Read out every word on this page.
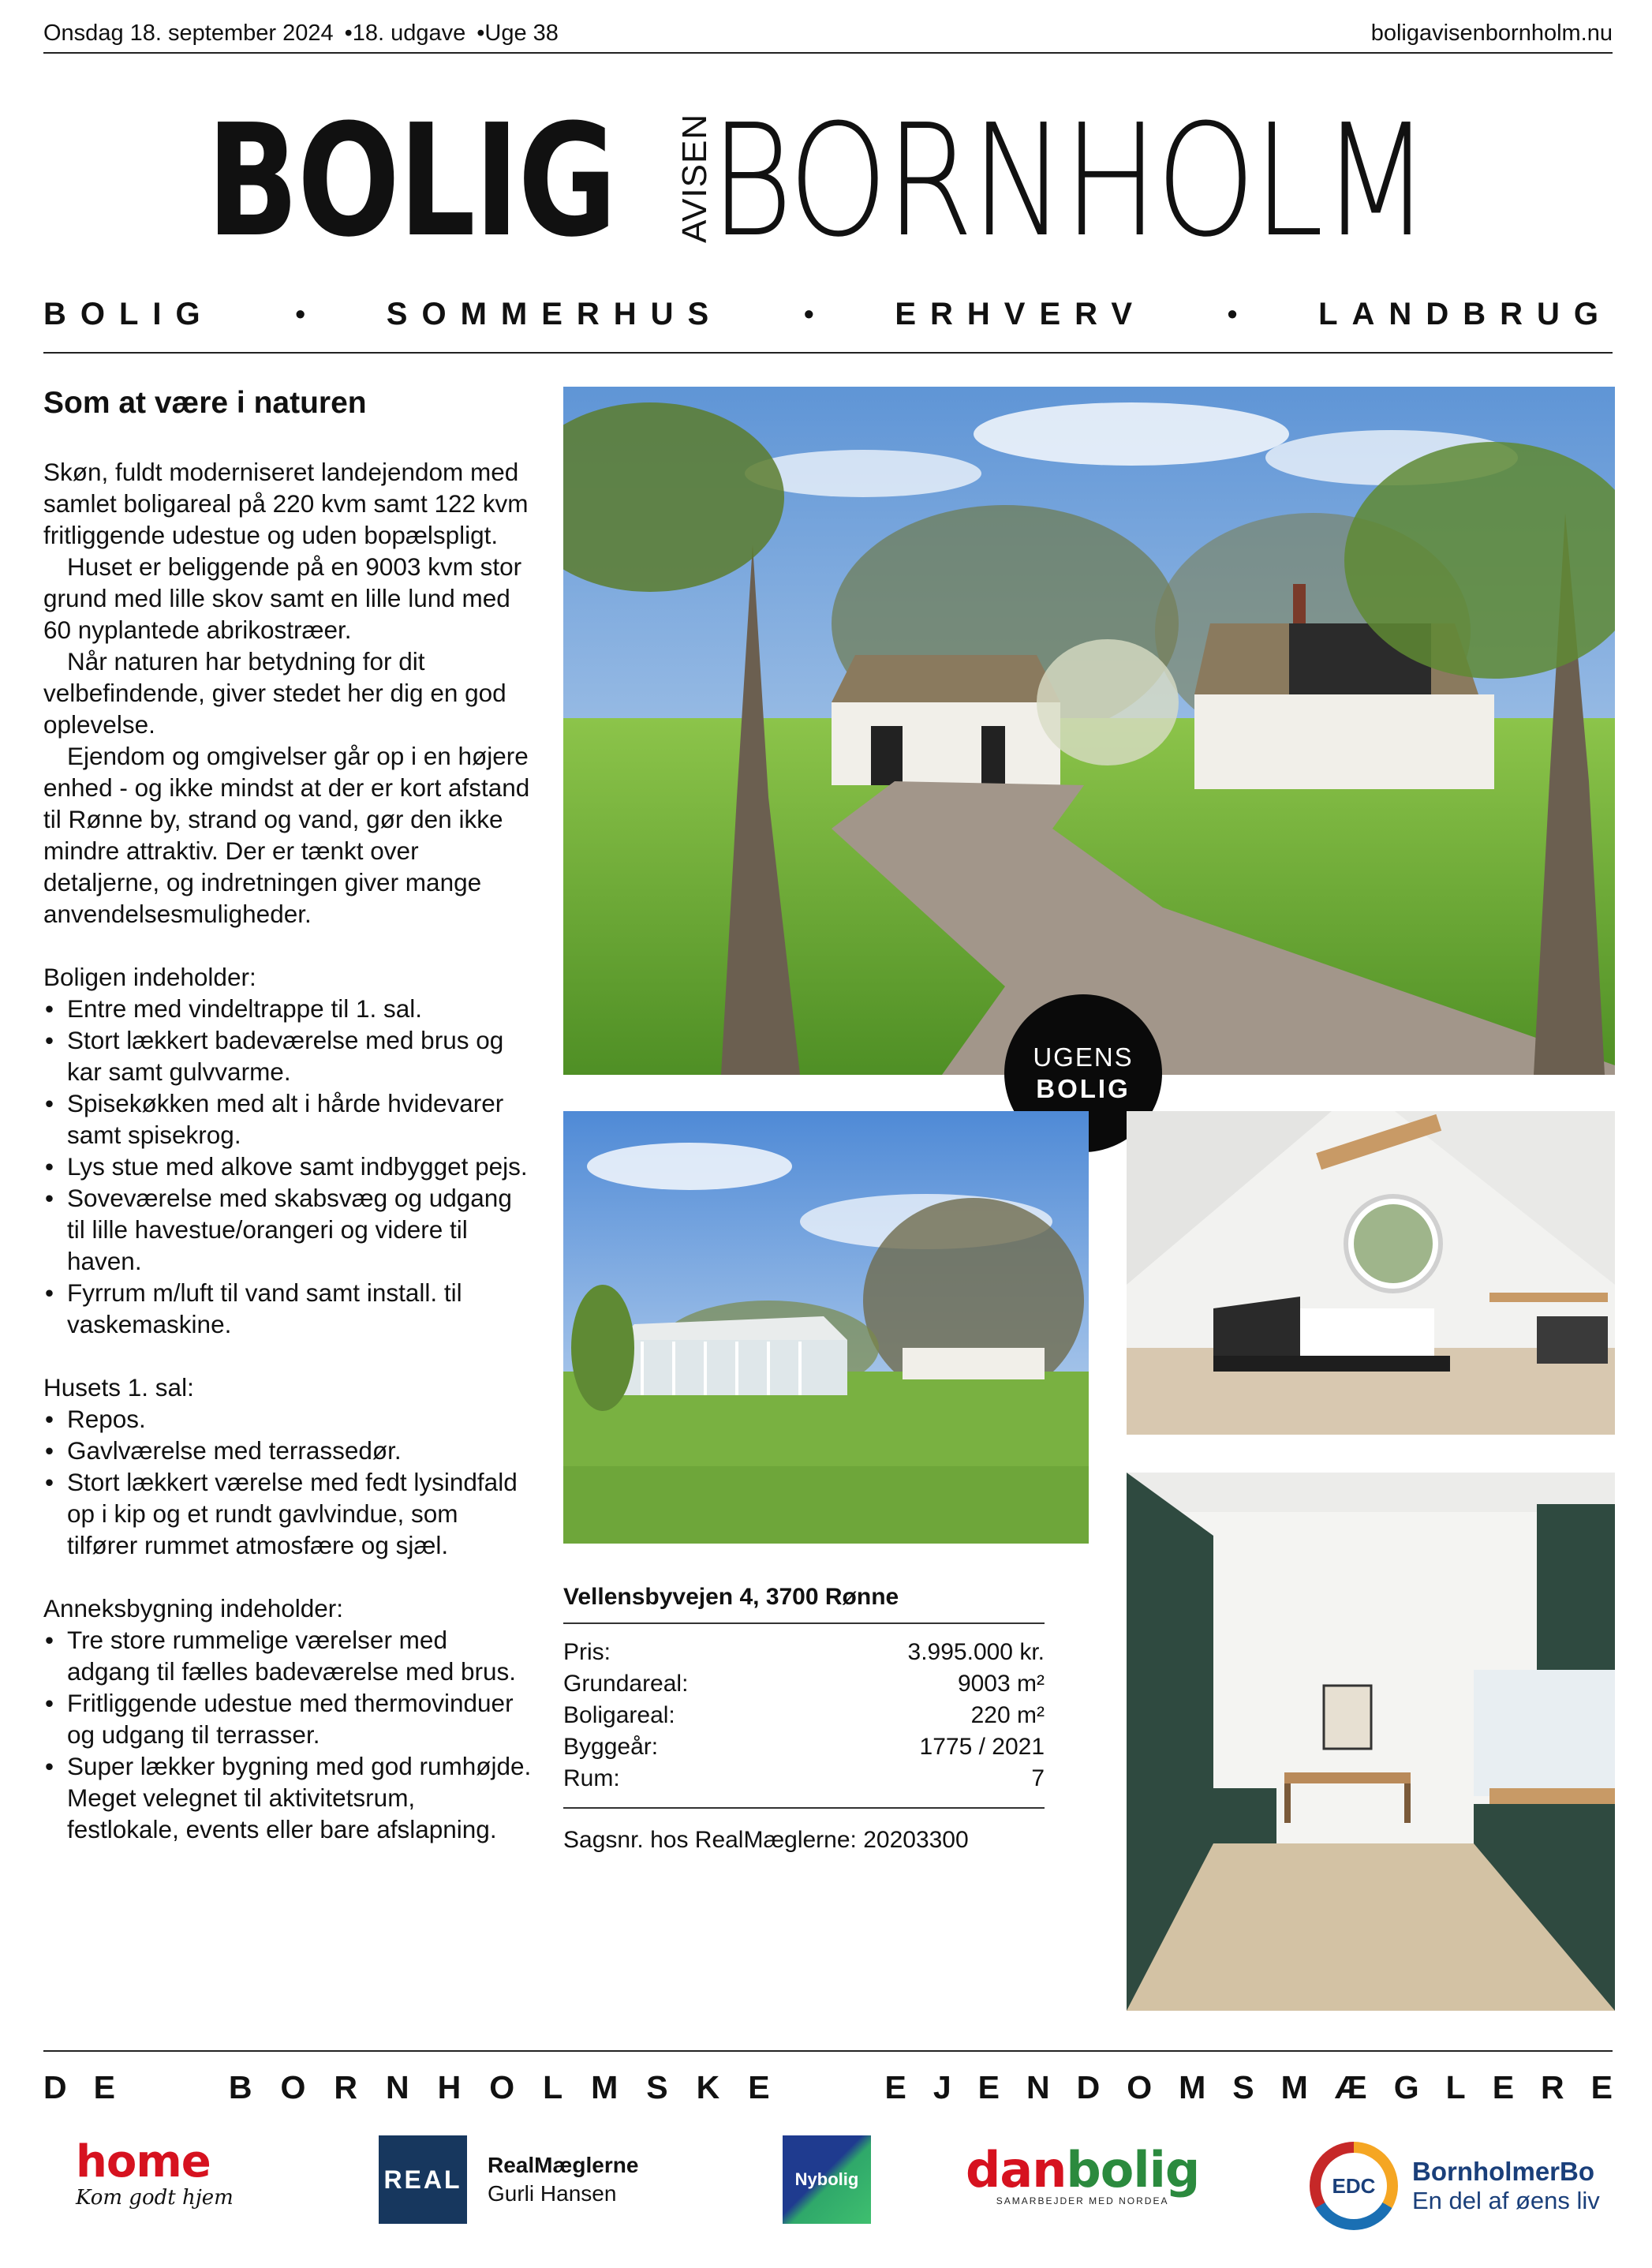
Onsdag 18. september 2024 •18. udgave •Uge 38	boligavisenbornholm.nu
BOLIG AVISEN
BORNHOLM
BOLIG	•	SOMMERHUS	•	ERHVERV	•	LANDBRUG
Som at være i naturen

Skøn, fuldt moderniseret landejendom med samlet boligareal på 220 kvm samt 122 kvm fritliggende udestue og uden bopælspligt.

Huset er beliggende på en 9003 kvm stor grund med lille skov samt en lille lund med 60 nyplantede abrikostræer.

Når naturen har betydning for dit velbefindende, giver stedet her dig en god oplevelse.

Ejendom og omgivelser går op i en højere enhed - og ikke mindst at der er kort afstand til Rønne by, strand og vand, gør den ikke mindre attraktiv. Der er tænkt over detaljerne, og indretningen giver mange anvendelsesmuligheder.

Boligen indeholder:

• Entre med vindeltrappe til 1. sal.
• Stort lækkert badeværelse med brus og kar samt gulvvarme.
• Spisekøkken med alt i hårde hvidevarer samt spisekrog.
• Lys stue med alkove samt indbygget pejs.
• Soveværelse med skabsvæg og udgang til lille havestue/orangeri og videre til haven.
• Fyrrum m/luft til vand samt install. til vaskemaskine.

Husets 1. sal:

• Repos.
• Gavlværelse med terrassedør.
• Stort lækkert værelse med fedt lysindfald op i kip og et rundt gavlvindue, som tilfører rummet atmosfære og sjæl.

Anneksbygning indeholder:

• Tre store rummelige værelser med adgang til fælles badeværelse med brus.
• Fritliggende udestue med thermovinduer og udgang til terrasser.
• Super lækker bygning med god rumhøjde. Meget velegnet til aktivitetsrum, festlokale, events eller bare afslapning.
UGENS
BOLIG
Vellensbyvejen 4, 3700 Rønne
Pris:	3.995.000 kr.
Grundareal:	9003 m²
Boligareal:	220 m²
Byggeår:	1775 / 2021
Rum:	7
Sagsnr. hos RealMæglerne: 20203300
DE	BORNHOLMSKE	EJENDOMSMÆGLERE
home
Kom godt hjem
REAL RealMæglerne
Gurli Hansen
Nybolig danbolig
SAMARBEJDER MED NORDEA
EDC	BornholmerBo
En del af øens liv
